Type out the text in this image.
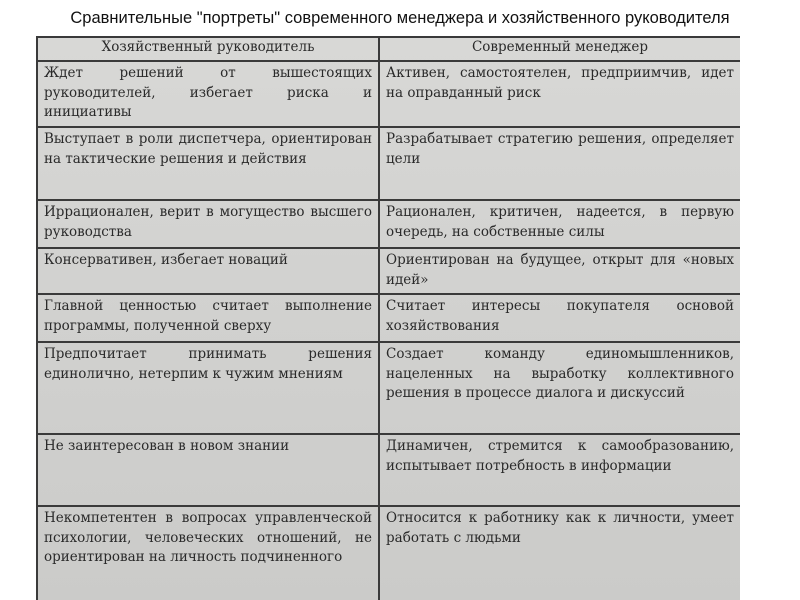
Сравнительные "портреты" современного менеджера и хозяйственного руководителя
Хозяйственный руководитель	Современный менеджер

Ждет решений от вышестоящих руководителей, избегает риска и инициативы	Активен, самостоятелен, предприимчив, идет на оправданный риск

Выступает в роли диспетчера, ориентирован на тактические решения и действия	Разрабатывает стратегию решения, определяет цели

Иррационален, верит в могущество высшего руководства	Рационален, критичен, надеется, в первую очередь, на собственные силы

Консервативен, избегает новаций	Ориентирован на будущее, открыт для «новых идей»

Главной ценностью считает выполнение программы, полученной сверху	Считает интересы покупателя основой хозяйствования

Предпочитает принимать решения единолично, нетерпим к чужим мнениям	Создает команду единомышленников, нацеленных на выработку коллективного решения в процессе диалога и дискуссий

Не заинтересован в новом знании	Динамичен, стремится к самообразованию, испытывает потребность в информации

Некомпетентен в вопросах управленческой психологии, человеческих отношений, не ориентирован на личность подчиненного	Относится к работнику как к личности, умеет работать с людьми
